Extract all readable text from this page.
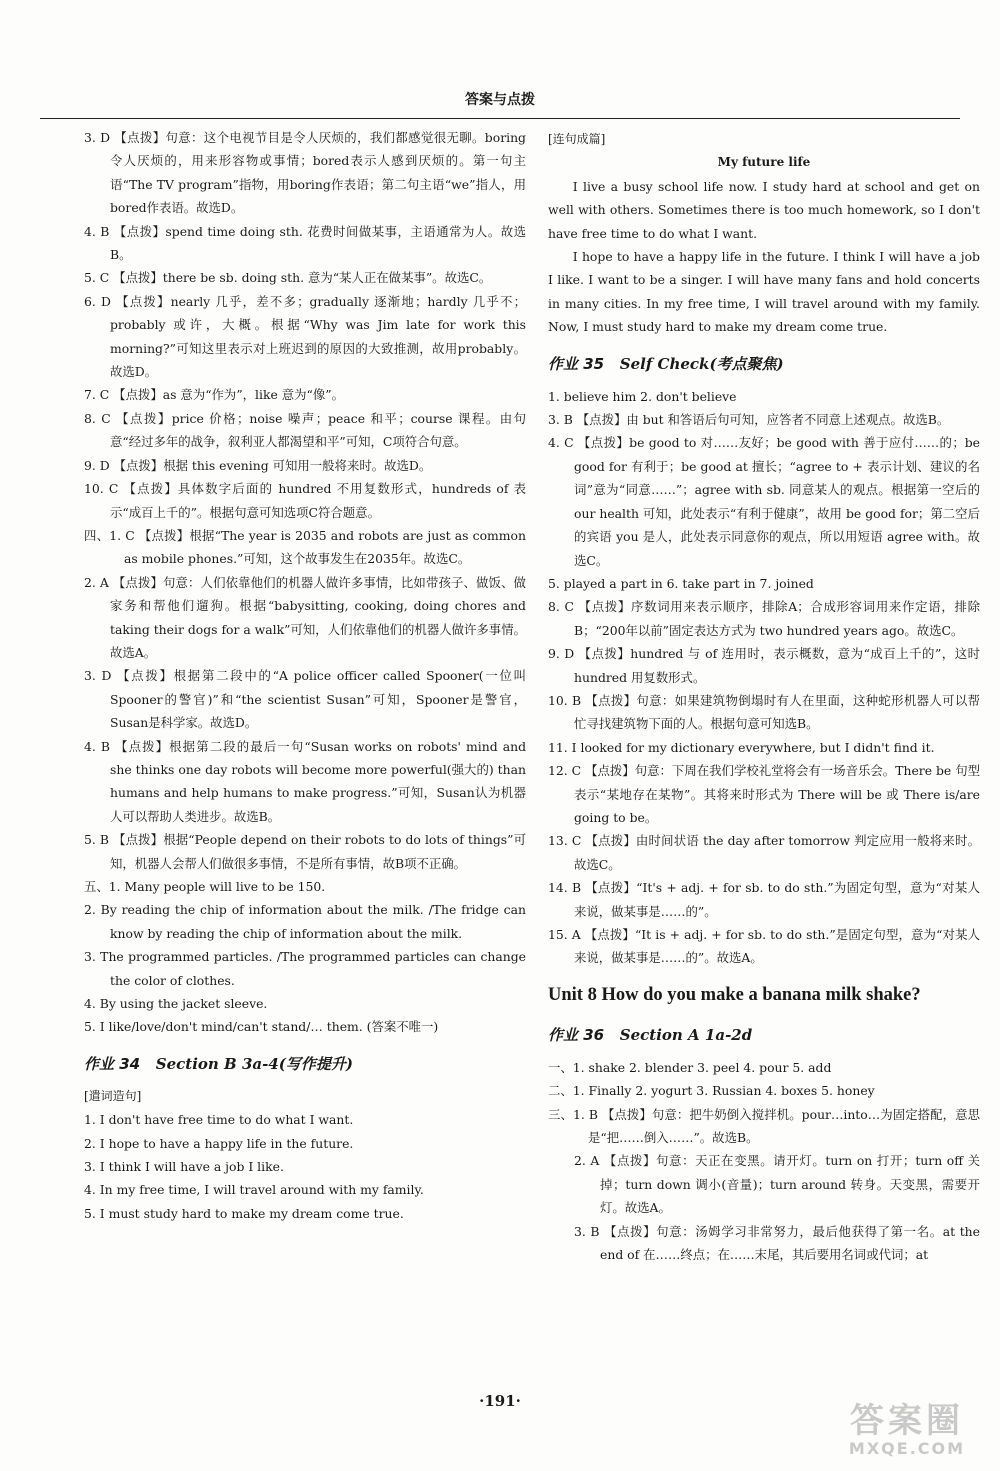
答案与点拨

3. D 【点拨】句意：这个电视节目是令人厌烦的，我们都感觉很无聊。boring令人厌烦的，用来形容物或事情；bored表示人感到厌烦的。第一句主语“The TV program”指物，用boring作表语；第二句主语“we”指人，用bored作表语。故选D。

4. B 【点拨】spend time doing sth. 花费时间做某事，主语通常为人。故选B。

5. C 【点拨】there be sb. doing sth. 意为“某人正在做某事”。故选C。

6. D 【点拨】nearly 几乎，差不多；gradually 逐渐地；hardly 几乎不；probably 或许，大概。根据“Why was Jim late for work this morning?”可知这里表示对上班迟到的原因的大致推测，故用probably。故选D。

7. C 【点拨】as 意为“作为”，like 意为“像”。

8. C 【点拨】price 价格；noise 噪声；peace 和平；course 课程。由句意“经过多年的战争，叙利亚人都渴望和平”可知，C项符合句意。

9. D 【点拨】根据 this evening 可知用一般将来时。故选D。

10. C 【点拨】具体数字后面的 hundred 不用复数形式，hundreds of 表示“成百上千的”。根据句意可知选项C符合题意。

四、1. C 【点拨】根据“The year is 2035 and robots are just as common as mobile phones.”可知，这个故事发生在2035年。故选C。

2. A 【点拨】句意：人们依靠他们的机器人做许多事情，比如带孩子、做饭、做家务和帮他们遛狗。根据“babysitting, cooking, doing chores and taking their dogs for a walk”可知，人们依靠他们的机器人做许多事情。故选A。

3. D 【点拨】根据第二段中的“A police officer called Spooner(一位叫Spooner的警官)”和“the scientist Susan”可知，Spooner是警官，Susan是科学家。故选D。

4. B 【点拨】根据第二段的最后一句“Susan works on robots' mind and she thinks one day robots will become more powerful(强大的) than humans and help humans to make progress.”可知，Susan认为机器人可以帮助人类进步。故选B。

5. B 【点拨】根据“People depend on their robots to do lots of things”可知，机器人会帮人们做很多事情，不是所有事情，故B项不正确。

五、1. Many people will live to be 150.

2. By reading the chip of information about the milk. /The fridge can know by reading the chip of information about the milk.

3. The programmed particles. /The programmed particles can change the color of clothes.

4. By using the jacket sleeve.

5. I like/love/don't mind/can't stand/… them. (答案不唯一)

作业 34 Section B 3a-4(写作提升)

[遣词造句]

1. I don't have free time to do what I want.

2. I hope to have a happy life in the future.

3. I think I will have a job I like.

4. In my free time, I will travel around with my family.

5. I must study hard to make my dream come true.

[连句成篇]

My future life

I live a busy school life now. I study hard at school and get on well with others. Sometimes there is too much homework, so I don't have free time to do what I want.

I hope to have a happy life in the future. I think I will have a job I like. I want to be a singer. I will have many fans and hold concerts in many cities. In my free time, I will travel around with my family. Now, I must study hard to make my dream come true.

作业 35 Self Check(考点聚焦)

1. believe him 2. don't believe

3. B 【点拨】由 but 和答语后句可知，应答者不同意上述观点。故选B。

4. C 【点拨】be good to 对……友好；be good with 善于应付……的；be good for 有利于；be good at 擅长；“agree to + 表示计划、建议的名词”意为“同意……”；agree with sb. 同意某人的观点。根据第一空后的 our health 可知，此处表示“有利于健康”，故用 be good for；第二空后的宾语 you 是人，此处表示同意你的观点，所以用短语 agree with。故选C。

5. played a part in 6. take part in 7. joined

8. C 【点拨】序数词用来表示顺序，排除A；合成形容词用来作定语，排除B；“200年以前”固定表达方式为 two hundred years ago。故选C。

9. D 【点拨】hundred 与 of 连用时，表示概数，意为“成百上千的”，这时 hundred 用复数形式。

10. B 【点拨】句意：如果建筑物倒塌时有人在里面，这种蛇形机器人可以帮忙寻找建筑物下面的人。根据句意可知选B。

11. I looked for my dictionary everywhere, but I didn't find it.

12. C 【点拨】句意：下周在我们学校礼堂将会有一场音乐会。There be 句型表示“某地存在某物”。其将来时形式为 There will be 或 There is/are going to be。

13. C 【点拨】由时间状语 the day after tomorrow 判定应用一般将来时。故选C。

14. B 【点拨】“It's + adj. + for sb. to do sth.”为固定句型，意为“对某人来说，做某事是……的”。

15. A 【点拨】“It is + adj. + for sb. to do sth.”是固定句型，意为“对某人来说，做某事是……的”。故选A。

Unit 8 How do you make a banana milk shake?
作业 36 Section A 1a-2d

一、1. shake 2. blender 3. peel 4. pour 5. add

二、1. Finally 2. yogurt 3. Russian 4. boxes 5. honey

三、1. B 【点拨】句意：把牛奶倒入搅拌机。pour…into…为固定搭配，意思是“把……倒入……”。故选B。

2. A 【点拨】句意：天正在变黑。请开灯。turn on 打开；turn off 关掉；turn down 调小(音量)；turn around 转身。天变黑，需要开灯。故选A。

3. B 【点拨】句意：汤姆学习非常努力，最后他获得了第一名。at the end of 在……终点；在……末尾，其后要用名词或代词；at

·191·	答案圈
MXQE.COM
